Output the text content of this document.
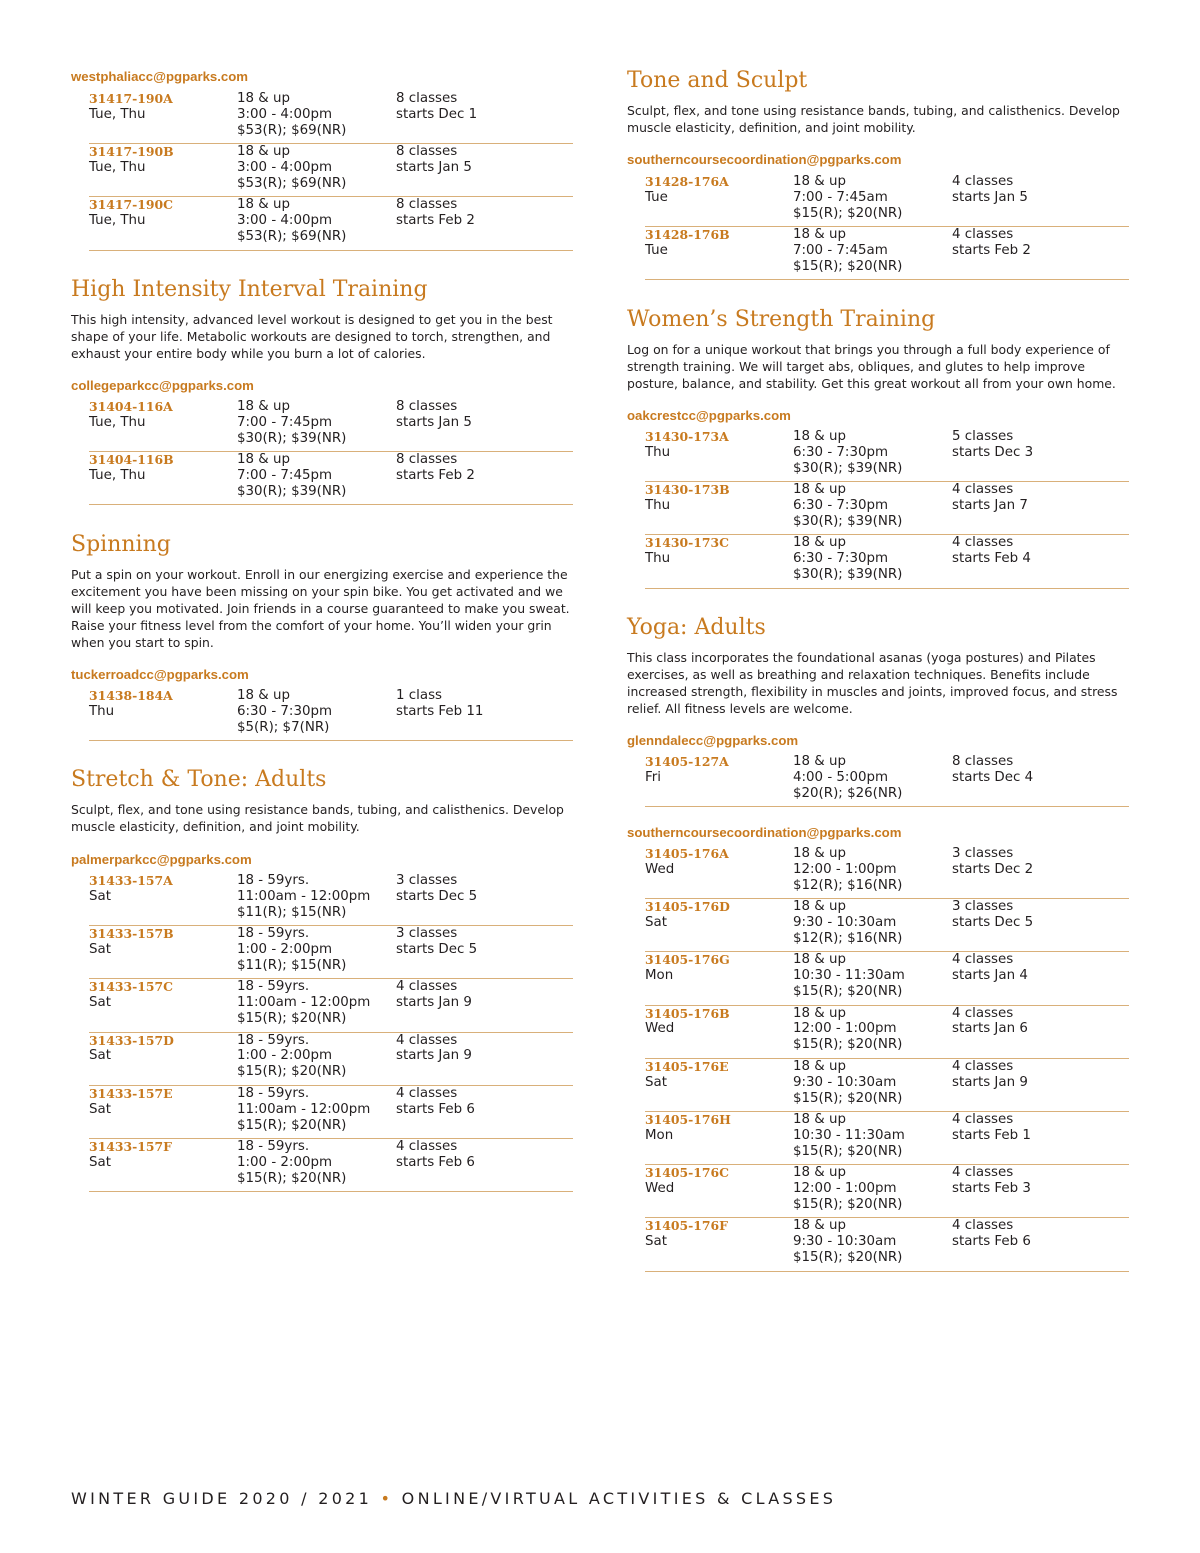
westphaliacc@pgparks.com
31417-190A
Tue, Thu
18 & up
3:00 - 4:00pm
$53(R); $69(NR)
8 classes
starts Dec 1
31417-190B
Tue, Thu
18 & up
3:00 - 4:00pm
$53(R); $69(NR)
8 classes
starts Jan 5
31417-190C
Tue, Thu
18 & up
3:00 - 4:00pm
$53(R); $69(NR)
8 classes
starts Feb 2
High Intensity Interval Training

This high intensity, advanced level workout is designed to get you in the best shape of your life. Metabolic workouts are designed to torch, strengthen, and exhaust your entire body while you burn a lot of calories.

collegeparkcc@pgparks.com
31404-116A
Tue, Thu
18 & up
7:00 - 7:45pm
$30(R); $39(NR)
8 classes
starts Jan 5
31404-116B
Tue, Thu
18 & up
7:00 - 7:45pm
$30(R); $39(NR)
8 classes
starts Feb 2
Spinning

Put a spin on your workout. Enroll in our energizing exercise and experience the excitement you have been missing on your spin bike. You get activated and we will keep you motivated. Join friends in a course guaranteed to make you sweat. Raise your fitness level from the comfort of your home. You’ll widen your grin when you start to spin.

tuckerroadcc@pgparks.com
31438-184A
Thu
18 & up
6:30 - 7:30pm
$5(R); $7(NR)
1 class
starts Feb 11
Stretch & Tone: Adults

Sculpt, flex, and tone using resistance bands, tubing, and calisthenics. Develop muscle elasticity, definition, and joint mobility.

palmerparkcc@pgparks.com
31433-157A
Sat
18 - 59yrs.
11:00am - 12:00pm
$11(R); $15(NR)
3 classes
starts Dec 5
31433-157B
Sat
18 - 59yrs.
1:00 - 2:00pm
$11(R); $15(NR)
3 classes
starts Dec 5
31433-157C
Sat
18 - 59yrs.
11:00am - 12:00pm
$15(R); $20(NR)
4 classes
starts Jan 9
31433-157D
Sat
18 - 59yrs.
1:00 - 2:00pm
$15(R); $20(NR)
4 classes
starts Jan 9
31433-157E
Sat
18 - 59yrs.
11:00am - 12:00pm
$15(R); $20(NR)
4 classes
starts Feb 6
31433-157F
Sat
18 - 59yrs.
1:00 - 2:00pm
$15(R); $20(NR)
4 classes
starts Feb 6
Tone and Sculpt

Sculpt, flex, and tone using resistance bands, tubing, and calisthenics. Develop muscle elasticity, definition, and joint mobility.

southerncoursecoordination@pgparks.com
31428-176A
Tue
18 & up
7:00 - 7:45am
$15(R); $20(NR)
4 classes
starts Jan 5
31428-176B
Tue
18 & up
7:00 - 7:45am
$15(R); $20(NR)
4 classes
starts Feb 2
Women’s Strength Training

Log on for a unique workout that brings you through a full body experience of strength training. We will target abs, obliques, and glutes to help improve posture, balance, and stability. Get this great workout all from your own home.

oakcrestcc@pgparks.com
31430-173A
Thu
18 & up
6:30 - 7:30pm
$30(R); $39(NR)
5 classes
starts Dec 3
31430-173B
Thu
18 & up
6:30 - 7:30pm
$30(R); $39(NR)
4 classes
starts Jan 7
31430-173C
Thu
18 & up
6:30 - 7:30pm
$30(R); $39(NR)
4 classes
starts Feb 4
Yoga: Adults

This class incorporates the foundational asanas (yoga postures) and Pilates exercises, as well as breathing and relaxation techniques. Benefits include increased strength, flexibility in muscles and joints, improved focus, and stress relief. All fitness levels are welcome.

glenndalecc@pgparks.com
31405-127A
Fri
18 & up
4:00 - 5:00pm
$20(R); $26(NR)
8 classes
starts Dec 4
southerncoursecoordination@pgparks.com
31405-176A
Wed
18 & up
12:00 - 1:00pm
$12(R); $16(NR)
3 classes
starts Dec 2
31405-176D
Sat
18 & up
9:30 - 10:30am
$12(R); $16(NR)
3 classes
starts Dec 5
31405-176G
Mon
18 & up
10:30 - 11:30am
$15(R); $20(NR)
4 classes
starts Jan 4
31405-176B
Wed
18 & up
12:00 - 1:00pm
$15(R); $20(NR)
4 classes
starts Jan 6
31405-176E
Sat
18 & up
9:30 - 10:30am
$15(R); $20(NR)
4 classes
starts Jan 9
31405-176H
Mon
18 & up
10:30 - 11:30am
$15(R); $20(NR)
4 classes
starts Feb 1
31405-176C
Wed
18 & up
12:00 - 1:00pm
$15(R); $20(NR)
4 classes
starts Feb 3
31405-176F
Sat
18 & up
9:30 - 10:30am
$15(R); $20(NR)
4 classes
starts Feb 6
WINTER GUIDE 2020 / 2021 • ONLINE/VIRTUAL ACTIVITIES & CLASSES
